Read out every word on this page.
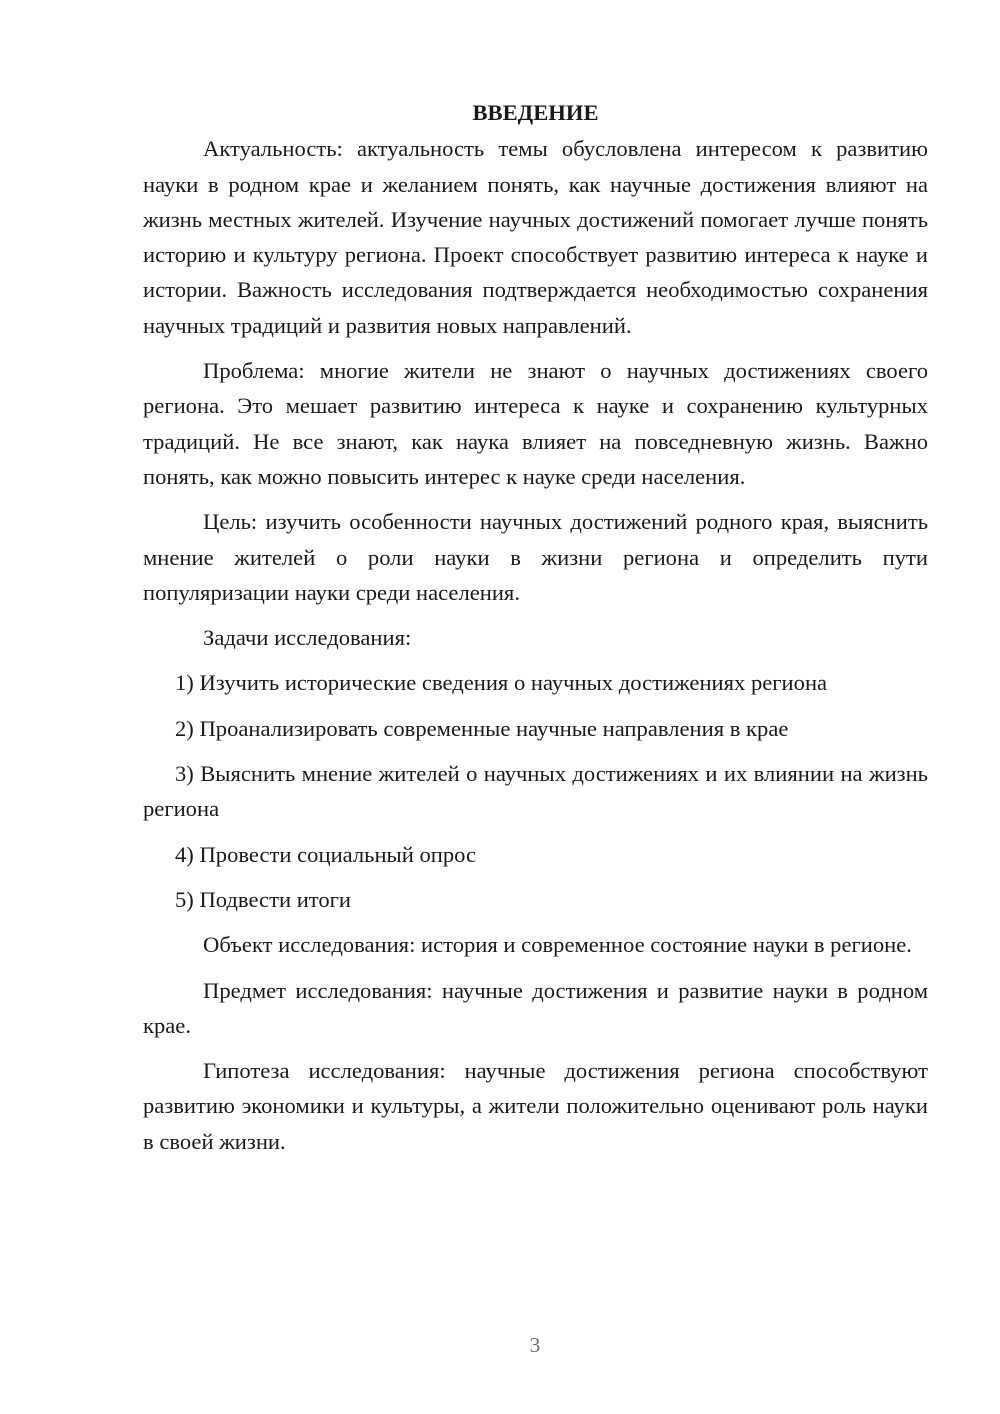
ВВЕДЕНИЕ

Актуальность: актуальность темы обусловлена интересом к развитию науки в родном крае и желанием понять, как научные достижения влияют на жизнь местных жителей. Изучение научных достижений помогает лучше понять историю и культуру региона. Проект способствует развитию интереса к науке и истории. Важность исследования подтверждается необходимостью сохранения научных традиций и развития новых направлений.

Проблема: многие жители не знают о научных достижениях своего региона. Это мешает развитию интереса к науке и сохранению культурных традиций. Не все знают, как наука влияет на повседневную жизнь. Важно понять, как можно повысить интерес к науке среди населения.

Цель: изучить особенности научных достижений родного края, выяснить мнение жителей о роли науки в жизни региона и определить пути популяризации науки среди населения.

Задачи исследования:

1) Изучить исторические сведения о научных достижениях региона

2) Проанализировать современные научные направления в крае

3) Выяснить мнение жителей о научных достижениях и их влиянии на жизнь региона

4) Провести социальный опрос

5) Подвести итоги

Объект исследования: история и современное состояние науки в регионе.

Предмет исследования: научные достижения и развитие науки в родном крае.

Гипотеза исследования: научные достижения региона способствуют развитию экономики и культуры, а жители положительно оценивают роль науки в своей жизни.

3
